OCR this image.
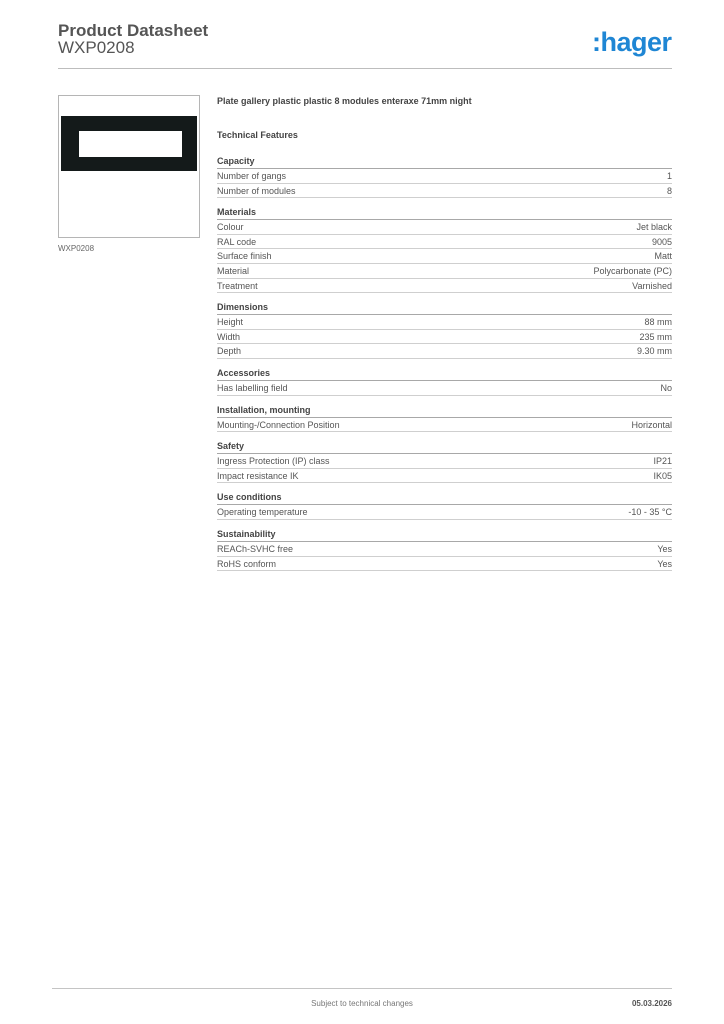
Product Datasheet
WXP0208	:hager
WXP0208
Plate gallery plastic plastic 8 modules enteraxe 71mm night
Technical Features
Capacity
Number of gangs	1
Number of modules	8
Materials
Colour	Jet black
RAL code	9005
Surface finish	Matt
Material	Polycarbonate (PC)
Treatment	Varnished
Dimensions
Height	88 mm
Width	235 mm
Depth	9.30 mm
Accessories
Has labelling field	No
Installation, mounting
Mounting-/Connection Position	Horizontal
Safety
Ingress Protection (IP) class	IP21
Impact resistance IK	IK05
Use conditions
Operating temperature	-10 - 35 °C
Sustainability
REACh-SVHC free	Yes
RoHS conform	Yes
Subject to technical changes	05.03.2026
